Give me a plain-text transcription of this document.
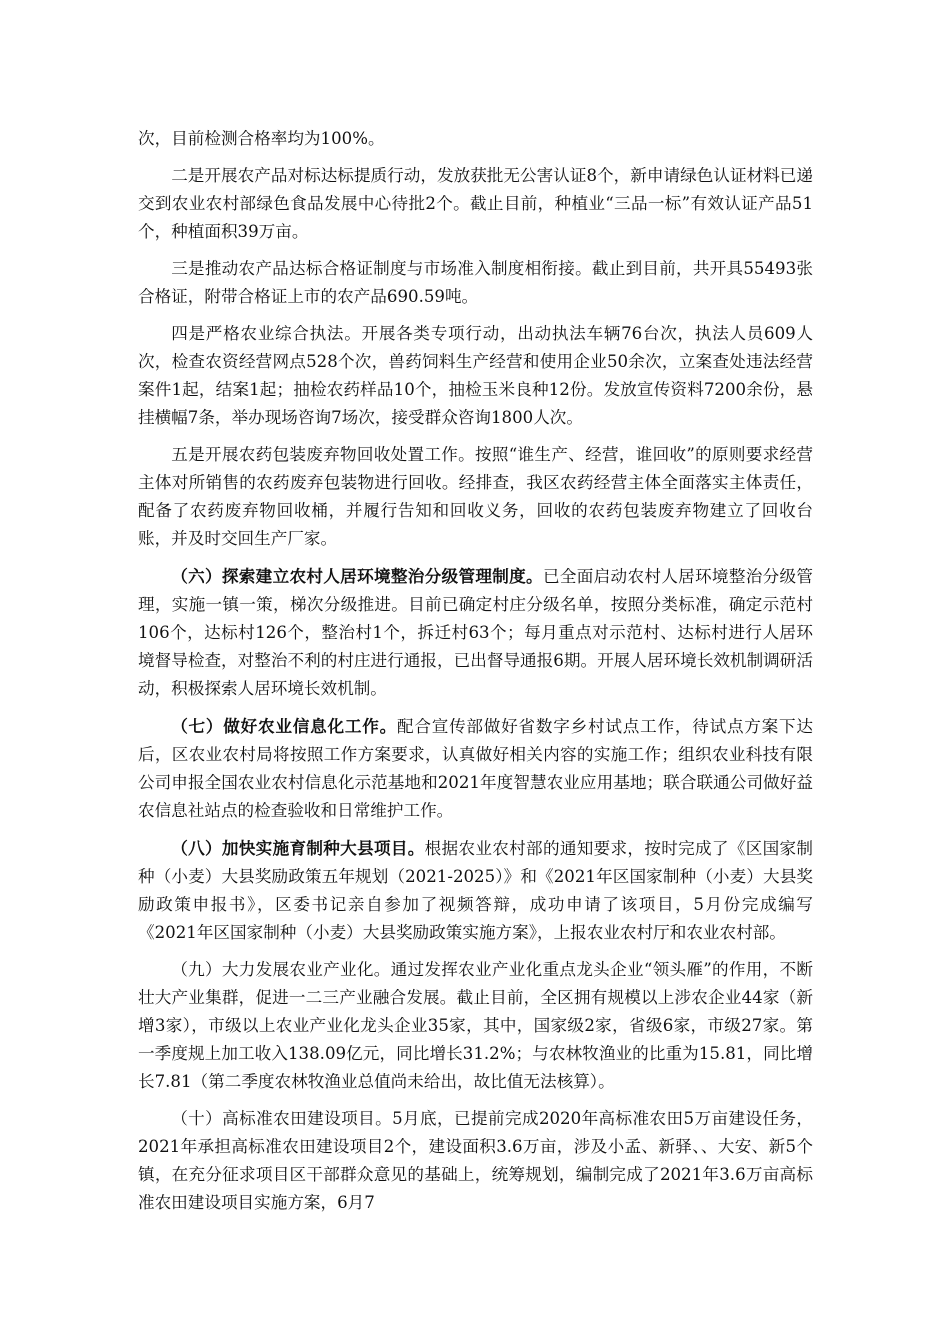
次，目前检测合格率均为100%。

二是开展农产品对标达标提质行动，发放获批无公害认证8个，新申请绿色认证材料已递交到农业农村部绿色食品发展中心待批2个。截止目前，种植业“三品一标”有效认证产品51个，种植面积39万亩。

三是推动农产品达标合格证制度与市场准入制度相衔接。截止到目前，共开具55493张合格证，附带合格证上市的农产品690.59吨。

四是严格农业综合执法。开展各类专项行动，出动执法车辆76台次，执法人员609人次，检查农资经营网点528个次，兽药饲料生产经营和使用企业50余次，立案查处违法经营案件1起，结案1起；抽检农药样品10个，抽检玉米良种12份。发放宣传资料7200余份，悬挂横幅7条，举办现场咨询7场次，接受群众咨询1800人次。

五是开展农药包装废弃物回收处置工作。按照“谁生产、经营，谁回收”的原则要求经营主体对所销售的农药废弃包装物进行回收。经排查，我区农药经营主体全面落实主体责任，配备了农药废弃物回收桶，并履行告知和回收义务，回收的农药包装废弃物建立了回收台账，并及时交回生产厂家。

（六）探索建立农村人居环境整治分级管理制度。已全面启动农村人居环境整治分级管理，实施一镇一策，梯次分级推进。目前已确定村庄分级名单，按照分类标准，确定示范村106个，达标村126个，整治村1个，拆迁村63个；每月重点对示范村、达标村进行人居环境督导检查，对整治不利的村庄进行通报，已出督导通报6期。开展人居环境长效机制调研活动，积极探索人居环境长效机制。

（七）做好农业信息化工作。配合宣传部做好省数字乡村试点工作，待试点方案下达后，区农业农村局将按照工作方案要求，认真做好相关内容的实施工作；组织农业科技有限公司申报全国农业农村信息化示范基地和2021年度智慧农业应用基地；联合联通公司做好益农信息社站点的检查验收和日常维护工作。

（八）加快实施育制种大县项目。根据农业农村部的通知要求，按时完成了《区国家制种（小麦）大县奖励政策五年规划（2021-2025）》和《2021年区国家制种（小麦）大县奖励政策申报书》，区委书记亲自参加了视频答辩，成功申请了该项目，5月份完成编写《2021年区国家制种（小麦）大县奖励政策实施方案》，上报农业农村厅和农业农村部。

（九）大力发展农业产业化。通过发挥农业产业化重点龙头企业“领头雁”的作用，不断壮大产业集群，促进一二三产业融合发展。截止目前，全区拥有规模以上涉农企业44家（新增3家），市级以上农业产业化龙头企业35家，其中，国家级2家，省级6家，市级27家。第一季度规上加工收入138.09亿元，同比增长31.2%；与农林牧渔业的比重为15.81，同比增长7.81（第二季度农林牧渔业总值尚未给出，故比值无法核算）。

（十）高标准农田建设项目。5月底，已提前完成2020年高标准农田5万亩建设任务，2021年承担高标准农田建设项目2个，建设面积3.6万亩，涉及小孟、新驿、、大安、新5个镇，在充分征求项目区干部群众意见的基础上，统筹规划，编制完成了2021年3.6万亩高标准农田建设项目实施方案，6月7
